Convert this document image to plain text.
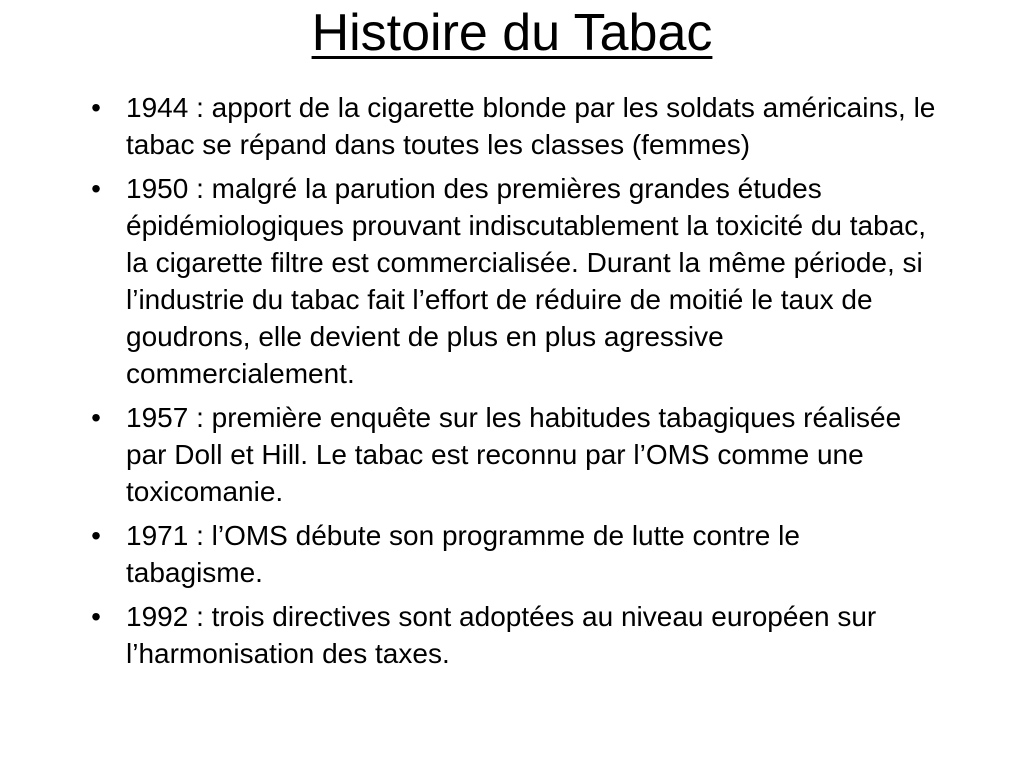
Histoire du Tabac
• 1944 : apport de la cigarette blonde par les soldats américains, le tabac se répand dans toutes les classes (femmes)
• 1950 : malgré la parution des premières grandes études épidémiologiques prouvant indiscutablement la toxicité du tabac, la cigarette filtre est commercialisée. Durant la même période, si l’industrie du tabac fait l’effort de réduire de moitié le taux de goudrons, elle devient de plus en plus agressive commercialement.
• 1957 : première enquête sur les habitudes tabagiques réalisée par Doll et Hill. Le tabac est reconnu par l’OMS comme une toxicomanie.
• 1971 : l’OMS débute son programme de lutte contre le tabagisme.
• 1992 : trois directives sont adoptées au niveau européen sur l’harmonisation des taxes.
